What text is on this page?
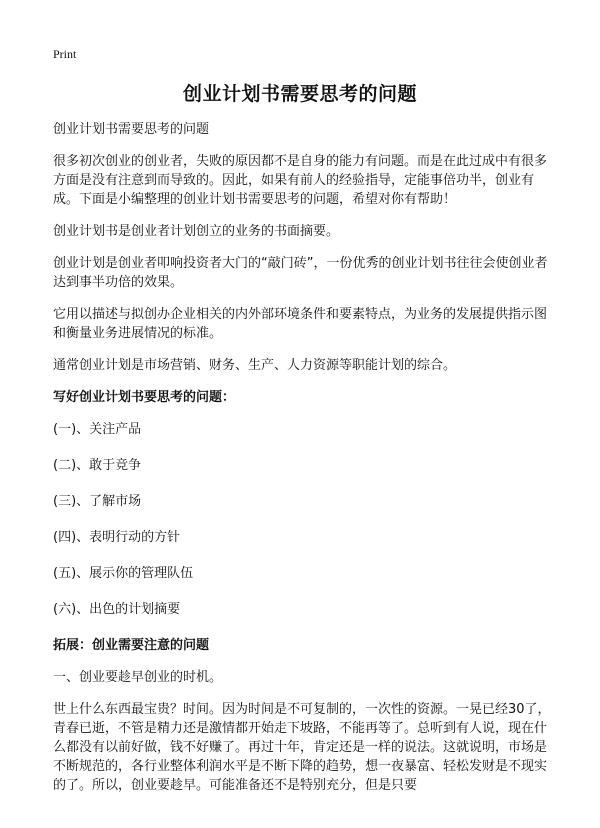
Print
创业计划书需要思考的问题

创业计划书需要思考的问题

很多初次创业的创业者，失败的原因都不是自身的能力有问题。而是在此过成中有很多方面是没有注意到而导致的。因此，如果有前人的经验指导，定能事倍功半，创业有成。下面是小编整理的创业计划书需要思考的问题，希望对你有帮助！

创业计划书是创业者计划创立的业务的书面摘要。

创业计划是创业者叩响投资者大门的“敲门砖”，一份优秀的创业计划书往往会使创业者达到事半功倍的效果。

它用以描述与拟创办企业相关的内外部环境条件和要素特点，为业务的发展提供指示图和衡量业务进展情况的标准。

通常创业计划是市场营销、财务、生产、人力资源等职能计划的综合。

写好创业计划书要思考的问题：

(一)、关注产品

(二)、敢于竞争

(三)、了解市场

(四)、表明行动的方针

(五)、展示你的管理队伍

(六)、出色的计划摘要

拓展：创业需要注意的问题

一、创业要趁早创业的时机。

世上什么东西最宝贵？时间。因为时间是不可复制的，一次性的资源。一晃已经30了，青春已逝，不管是精力还是激情都开始走下坡路，不能再等了。总听到有人说，现在什么都没有以前好做，钱不好赚了。再过十年，肯定还是一样的说法。这就说明，市场是不断规范的，各行业整体利润水平是不断下降的趋势，想一夜暴富、轻松发财是不现实的了。所以，创业要趁早。可能准备还不是特别充分，但是只要
